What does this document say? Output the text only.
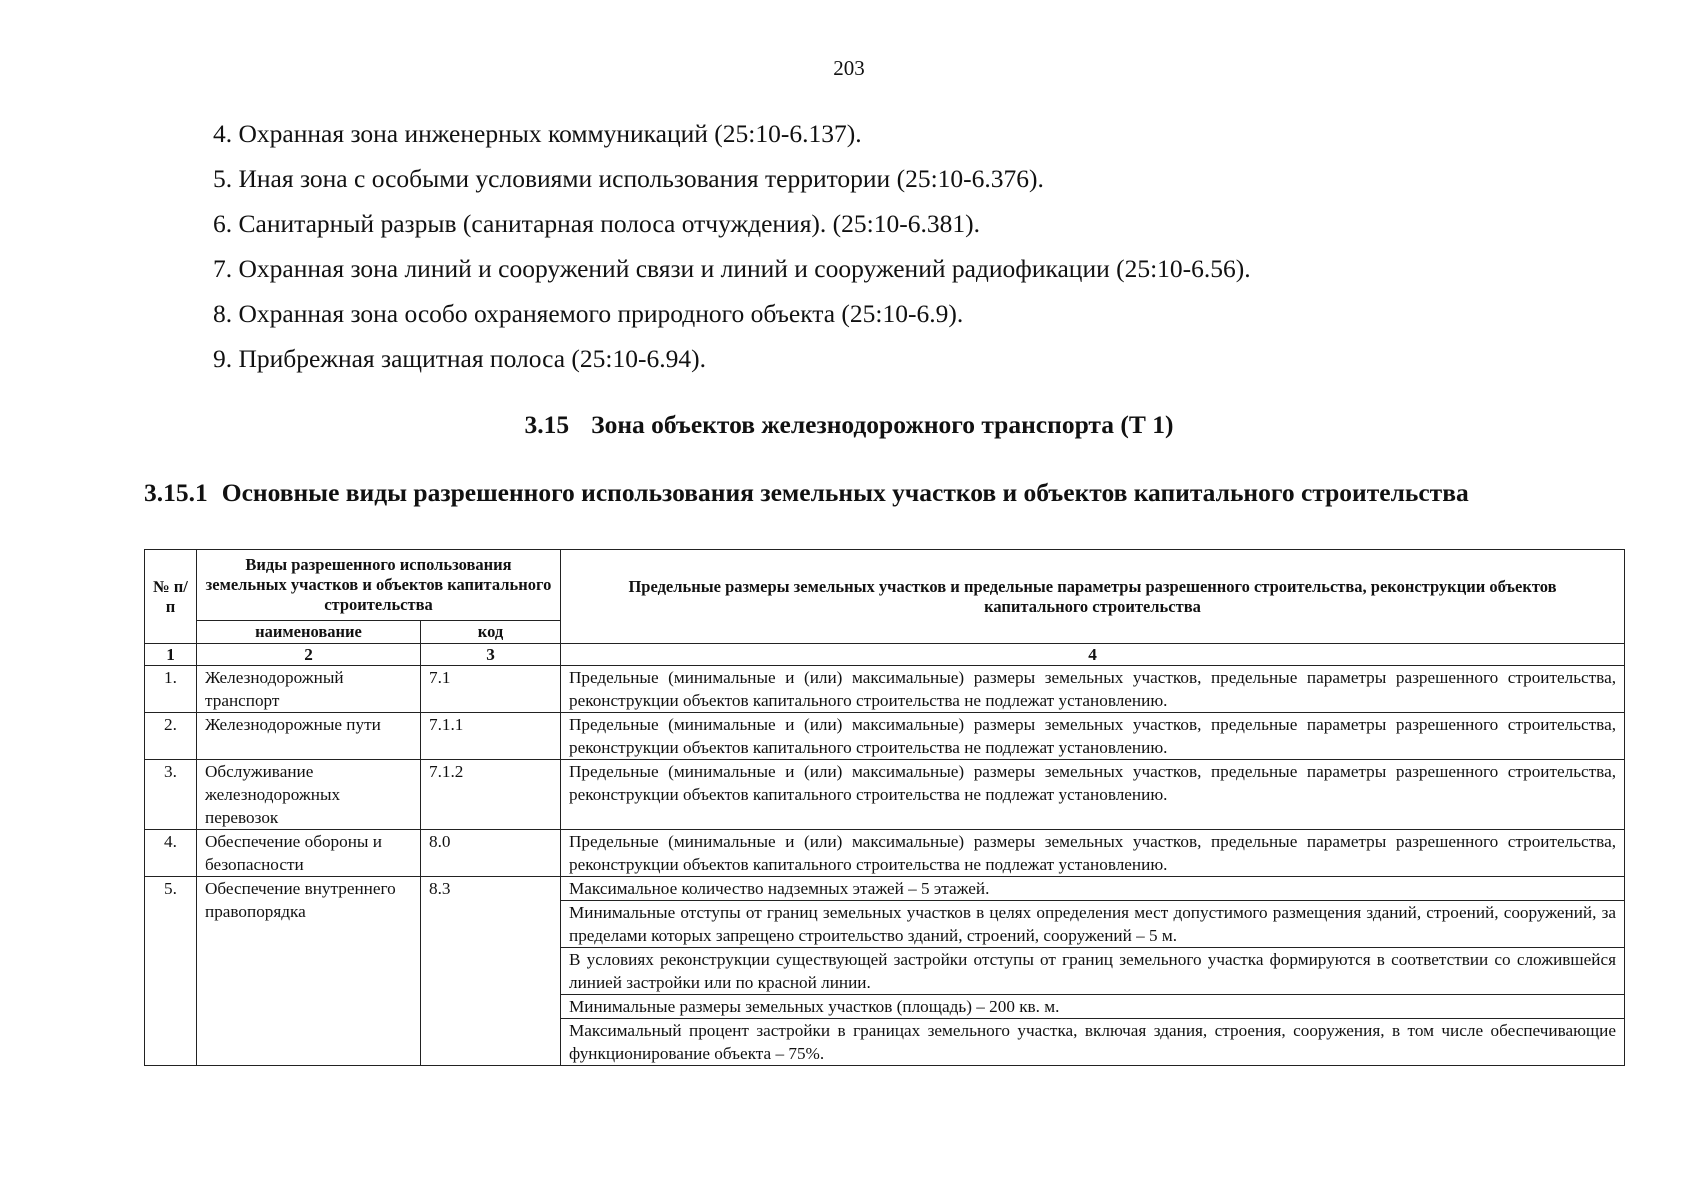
203
4. Охранная зона инженерных коммуникаций (25:10-6.137).
5. Иная зона с особыми условиями использования территории (25:10-6.376).
6. Санитарный разрыв (санитарная полоса отчуждения). (25:10-6.381).
7. Охранная зона линий и сооружений связи и линий и сооружений радиофикации (25:10-6.56).
8. Охранная зона особо охраняемого природного объекта (25:10-6.9).
9. Прибрежная защитная полоса (25:10-6.94).
3.15 Зона объектов железнодорожного транспорта (Т 1)
3.15.1 Основные виды разрешенного использования земельных участков и объектов капитального строительства
№ п/п	Виды разрешенного использования земельных участков и объектов капитального строительства		Предельные размеры земельных участков и предельные параметры разрешенного строительства, реконструкции объектов капитального строительства
	наименование	код	
1	2	3	4
1.	Железнодорожный транспорт	7.1	Предельные (минимальные и (или) максимальные) размеры земельных участков, предельные параметры разрешенного строительства, реконструкции объектов капитального строительства не подлежат установлению.
2.	Железнодорожные пути	7.1.1	Предельные (минимальные и (или) максимальные) размеры земельных участков, предельные параметры разрешенного строительства, реконструкции объектов капитального строительства не подлежат установлению.
3.	Обслуживание железнодорожных перевозок	7.1.2	Предельные (минимальные и (или) максимальные) размеры земельных участков, предельные параметры разрешенного строительства, реконструкции объектов капитального строительства не подлежат установлению.
4.	Обеспечение обороны и безопасности	8.0	Предельные (минимальные и (или) максимальные) размеры земельных участков, предельные параметры разрешенного строительства, реконструкции объектов капитального строительства не подлежат установлению.
5.	Обеспечение внутреннего правопорядка	8.3	Максимальное количество надземных этажей – 5 этажей.
			Минимальные отступы от границ земельных участков в целях определения мест допустимого размещения зданий, строений, сооружений, за пределами которых запрещено строительство зданий, строений, сооружений – 5 м.
			В условиях реконструкции существующей застройки отступы от границ земельного участка формируются в соответствии со сложившейся линией застройки или по красной линии.
			Минимальные размеры земельных участков (площадь) – 200 кв. м.
			Максимальный процент застройки в границах земельного участка, включая здания, строения, сооружения, в том числе обеспечивающие функционирование объекта – 75%.
